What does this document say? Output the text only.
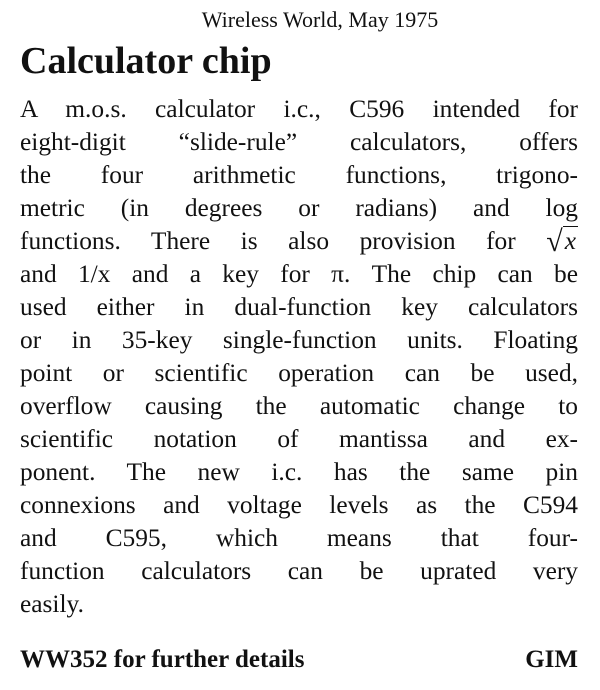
Wireless World, May 1975
Calculator chip
A m.o.s. calculator i.c., C596 intended for
eight-digit “slide-rule” calculators, offers
the four arithmetic functions, trigono-
metric (in degrees or radians) and log
functions. There is also provision for √x
and 1/x and a key for π. The chip can be
used either in dual-function key calculators
or in 35-key single-function units. Floating
point or scientific operation can be used,
overflow causing the automatic change to
scientific notation of mantissa and ex-
ponent. The new i.c. has the same pin
connexions and voltage levels as the C594
and C595, which means that four-
function calculators can be uprated very
easily.
WW352 for further details	GIM
